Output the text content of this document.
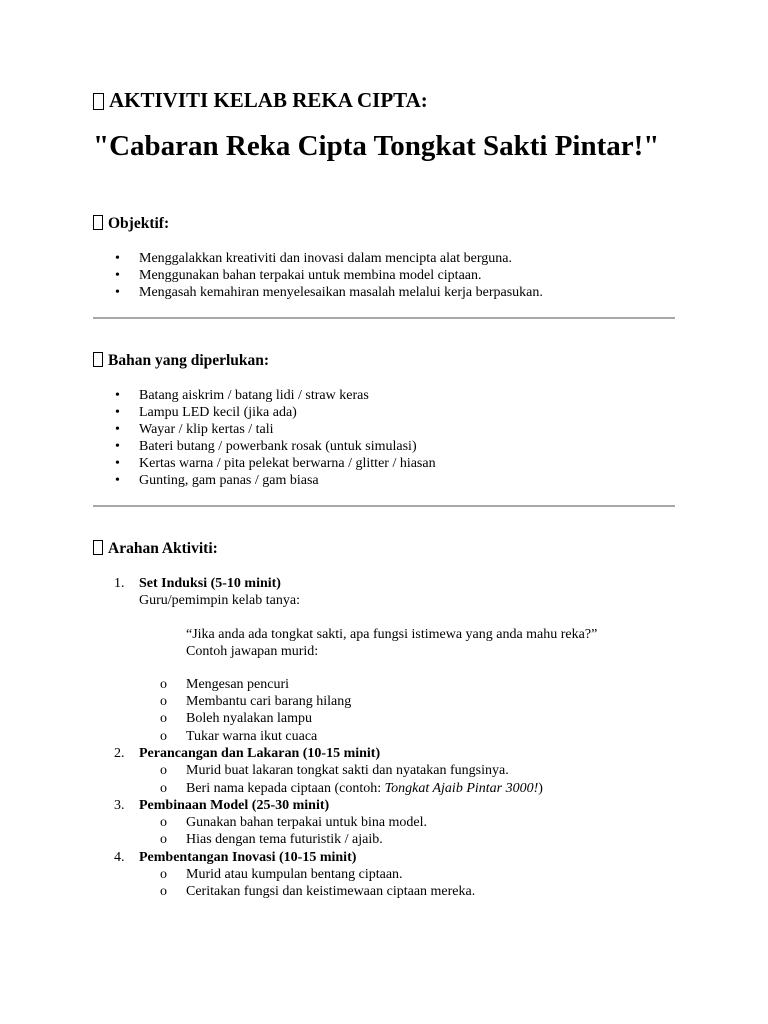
AKTIVITI KELAB REKA CIPTA:
"Cabaran Reka Cipta Tongkat Sakti Pintar!"
Objektif:
• Menggalakkan kreativiti dan inovasi dalam mencipta alat berguna.
• Menggunakan bahan terpakai untuk membina model ciptaan.
• Mengasah kemahiran menyelesaikan masalah melalui kerja berpasukan.
Bahan yang diperlukan:
• Batang aiskrim / batang lidi / straw keras
• Lampu LED kecil (jika ada)
• Wayar / klip kertas / tali
• Bateri butang / powerbank rosak (untuk simulasi)
• Kertas warna / pita pelekat berwarna / glitter / hiasan
• Gunting, gam panas / gam biasa
Arahan Aktiviti:
1. Set Induksi (5-10 minit)
Guru/pemimpin kelab tanya:
“Jika anda ada tongkat sakti, apa fungsi istimewa yang anda mahu reka?”
Contoh jawapan murid:
o Mengesan pencuri
o Membantu cari barang hilang
o Boleh nyalakan lampu
o Tukar warna ikut cuaca
2. Perancangan dan Lakaran (10-15 minit)
o Murid buat lakaran tongkat sakti dan nyatakan fungsinya.
o Beri nama kepada ciptaan (contoh: Tongkat Ajaib Pintar 3000!)
3. Pembinaan Model (25-30 minit)
o Gunakan bahan terpakai untuk bina model.
o Hias dengan tema futuristik / ajaib.
4. Pembentangan Inovasi (10-15 minit)
o Murid atau kumpulan bentang ciptaan.
o Ceritakan fungsi dan keistimewaan ciptaan mereka.
